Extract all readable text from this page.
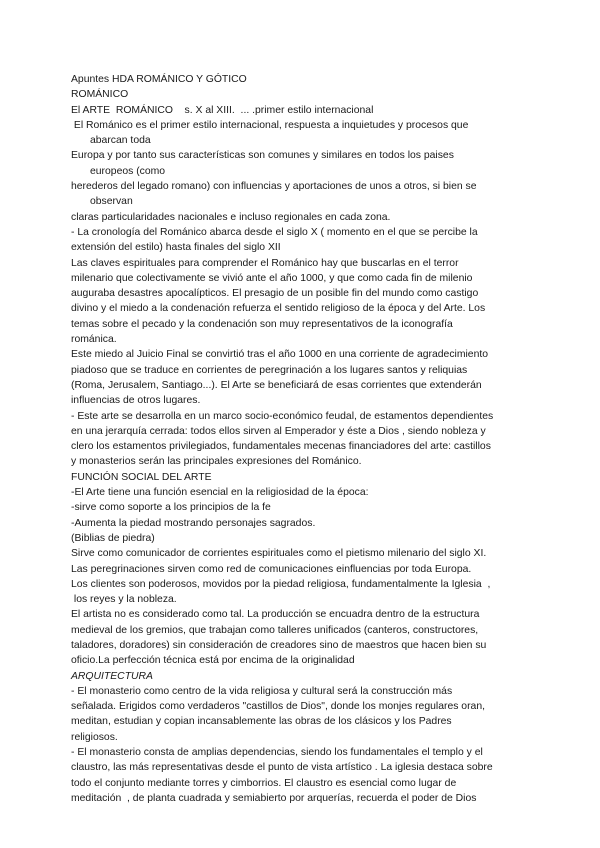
Apuntes HDA ROMÁNICO Y GÓTICO
ROMÁNICO
El ARTE  ROMÁNICO    s. X al XIII.  ... .primer estilo internacional
El Románico es el primer estilo internacional, respuesta a inquietudes y procesos que
abarcan toda
Europa y por tanto sus características son comunes y similares en todos los paises
europeos (como
herederos del legado romano) con influencias y aportaciones de unos a otros, si bien se
observan
claras particularidades nacionales e incluso regionales en cada zona.
- La cronología del Románico abarca desde el siglo X ( momento en el que se percibe la
extensión del estilo) hasta finales del siglo XII
Las claves espirituales para comprender el Románico hay que buscarlas en el terror
milenario que colectivamente se vivió ante el año 1000, y que como cada fin de milenio
auguraba desastres apocalípticos. El presagio de un posible fin del mundo como castigo
divino y el miedo a la condenación refuerza el sentido religioso de la época y del Arte. Los
temas sobre el pecado y la condenación son muy representativos de la iconografía
románica.
Este miedo al Juicio Final se convirtió tras el año 1000 en una corriente de agradecimiento
piadoso que se traduce en corrientes de peregrinación a los lugares santos y reliquias
(Roma, Jerusalem, Santiago...). El Arte se beneficiará de esas corrientes que extenderán
influencias de otros lugares.
- Este arte se desarrolla en un marco socio-económico feudal, de estamentos dependientes
en una jerarquía cerrada: todos ellos sirven al Emperador y éste a Dios , siendo nobleza y
clero los estamentos privilegiados, fundamentales mecenas financiadores del arte: castillos
y monasterios serán las principales expresiones del Románico.
FUNCIÓN SOCIAL DEL ARTE
-El Arte tiene una función esencial en la religiosidad de la época:
-sirve como soporte a los principios de la fe
-Aumenta la piedad mostrando personajes sagrados.
(Biblias de piedra)
Sirve como comunicador de corrientes espirituales como el pietismo milenario del siglo XI.
Las peregrinaciones sirven como red de comunicaciones einfluencias por toda Europa.
Los clientes son poderosos, movidos por la piedad religiosa, fundamentalmente la Iglesia  ,
los reyes y la nobleza.
El artista no es considerado como tal. La producción se encuadra dentro de la estructura
medieval de los gremios, que trabajan como talleres unificados (canteros, constructores,
taladores, doradores) sin consideración de creadores sino de maestros que hacen bien su
oficio.La perfección técnica está por encima de la originalidad
ARQUITECTURA
- El monasterio como centro de la vida religiosa y cultural será la construcción más
señalada. Erigidos como verdaderos "castillos de Dios", donde los monjes regulares oran,
meditan, estudian y copian incansablemente las obras de los clásicos y los Padres
religiosos.
- El monasterio consta de amplias dependencias, siendo los fundamentales el templo y el
claustro, las más representativas desde el punto de vista artístico . La iglesia destaca sobre
todo el conjunto mediante torres y cimborrios. El claustro es esencial como lugar de
meditación  , de planta cuadrada y semiabierto por arquerías, recuerda el poder de Dios
